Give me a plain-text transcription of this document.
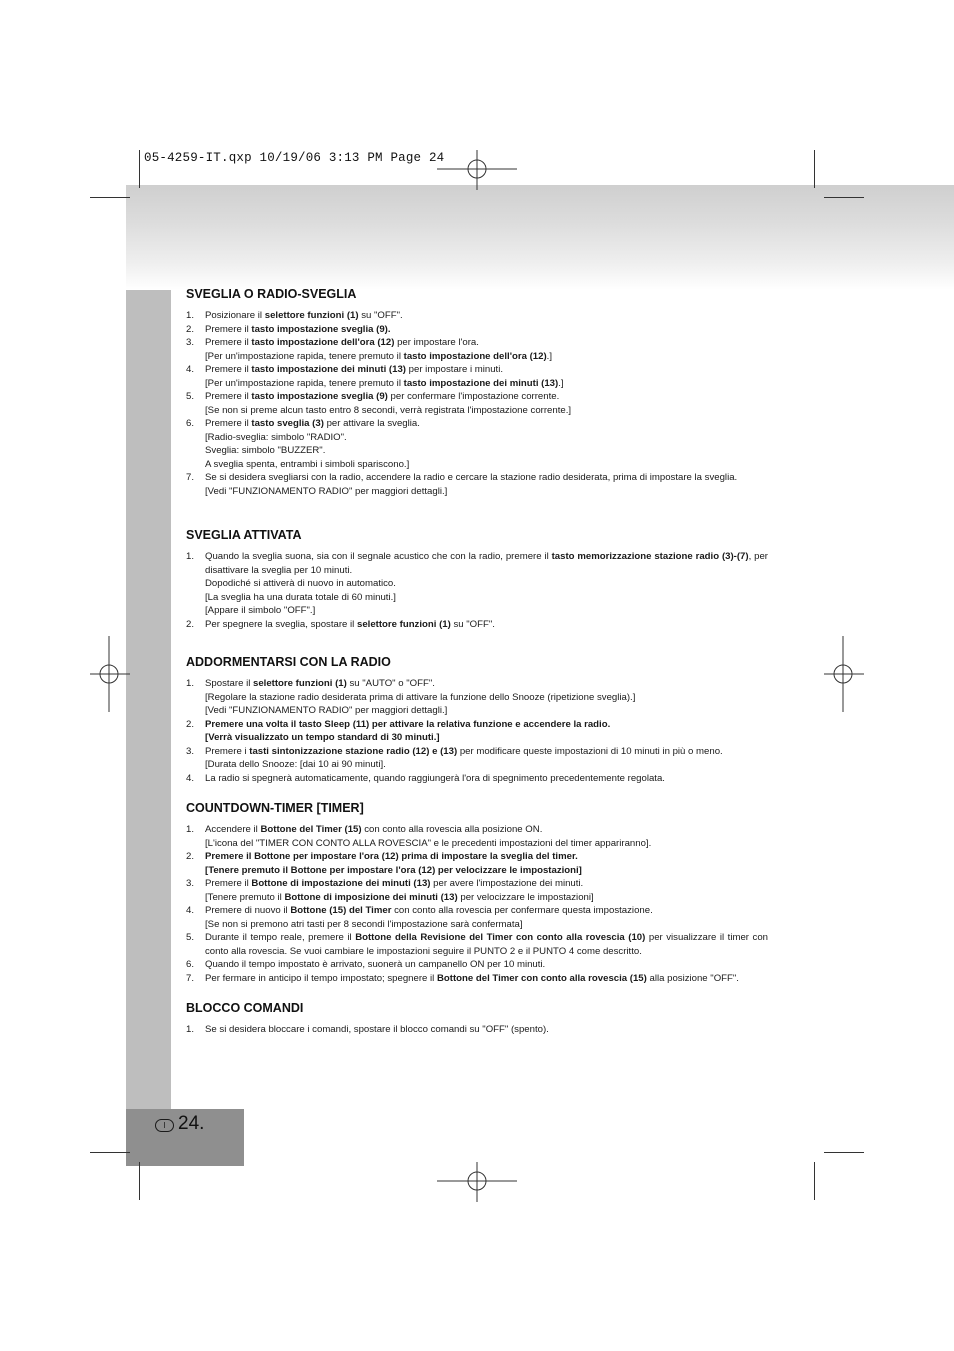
05-4259-IT.qxp 10/19/06 3:13 PM Page 24
I 24.
SVEGLIA O RADIO-SVEGLIA
1. Posizionare il selettore funzioni (1) su "OFF".
2. Premere il tasto impostazione sveglia (9).
3. Premere il tasto impostazione dell'ora (12) per impostare l'ora.
[Per un'impostazione rapida, tenere premuto il tasto impostazione dell'ora (12).]
4. Premere il tasto impostazione dei minuti (13) per impostare i minuti.
[Per un'impostazione rapida, tenere premuto il tasto impostazione dei minuti (13).]
5. Premere il tasto impostazione sveglia (9) per confermare l'impostazione corrente.
[Se non si preme alcun tasto entro 8 secondi, verrà registrata l'impostazione corrente.]
6. Premere il tasto sveglia (3) per attivare la sveglia.
[Radio-sveglia: simbolo "RADIO".
Sveglia: simbolo "BUZZER".
A sveglia spenta, entrambi i simboli spariscono.]
7. Se si desidera svegliarsi con la radio, accendere la radio e cercare la stazione radio desiderata, prima di impostare la sveglia.
[Vedi "FUNZIONAMENTO RADIO" per maggiori dettagli.]
SVEGLIA ATTIVATA
1. Quando la sveglia suona, sia con il segnale acustico che con la radio, premere il tasto memorizzazione stazione radio (3)-(7), per disattivare la sveglia per 10 minuti.
Dopodiché si attiverà di nuovo in automatico.
[La sveglia ha una durata totale di 60 minuti.]
[Appare il simbolo "OFF".]
2. Per spegnere la sveglia, spostare il selettore funzioni (1) su "OFF".
ADDORMENTARSI CON LA RADIO
1. Spostare il selettore funzioni (1) su "AUTO" o "OFF".
[Regolare la stazione radio desiderata prima di attivare la funzione dello Snooze (ripetizione sveglia).]
[Vedi "FUNZIONAMENTO RADIO" per maggiori dettagli.]
2. Premere una volta il tasto Sleep (11) per attivare la relativa funzione e accendere la radio.
[Verrà visualizzato un tempo standard di 30 minuti.]
3. Premere i tasti sintonizzazione stazione radio (12) e (13) per modificare queste impostazioni di 10 minuti in più o meno.
[Durata dello Snooze: [dai 10 ai 90 minuti].
4. La radio si spegnerà automaticamente, quando raggiungerà l'ora di spegnimento precedentemente regolata.
COUNTDOWN-TIMER [TIMER]
1. Accendere il Bottone del Timer (15) con conto alla rovescia alla posizione ON.
[L'icona del "TIMER CON CONTO ALLA ROVESCIA" e le precedenti impostazioni del timer appariranno].
2. Premere il Bottone per impostare l'ora (12) prima di impostare la sveglia del timer.
[Tenere premuto il Bottone per impostare l'ora (12) per velocizzare le impostazioni]
3. Premere il Bottone di impostazione dei minuti (13) per avere l'impostazione dei minuti.
[Tenere premuto il Bottone di imposizione dei minuti (13) per velocizzare le impostazioni]
4. Premere di nuovo il Bottone (15) del Timer con conto alla rovescia per confermare questa impostazione.
[Se non si premono atri tasti per 8 secondi l'impostazione sarà confermata]
5. Durante il tempo reale, premere il Bottone della Revisione del Timer con conto alla rovescia (10) per visualizzare il timer con conto alla rovescia. Se vuoi cambiare le impostazioni seguire il PUNTO 2 e il PUNTO 4 come descritto.
6. Quando il tempo impostato è arrivato, suonerà un campanello ON per 10 minuti.
7. Per fermare in anticipo il tempo impostato; spegnere il Bottone del Timer con conto alla rovescia (15) alla posizione "OFF".
BLOCCO COMANDI
1. Se si desidera bloccare i comandi, spostare il blocco comandi su "OFF" (spento).
